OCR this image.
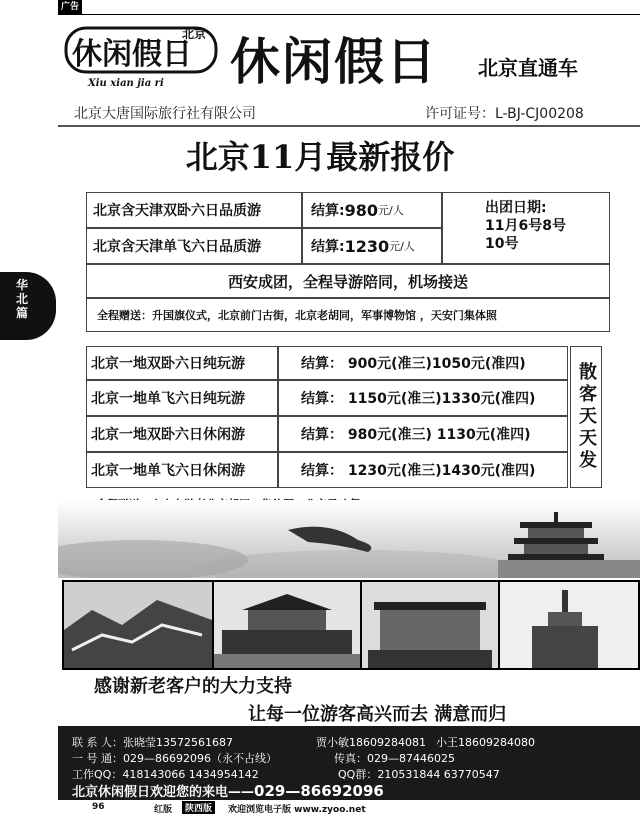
广告
休闲假日
北京
Xiu xian jia ri 休闲假日 北京直通车
北京大唐国际旅行社有限公司	许可证号：L-BJ-CJ00208
北京11月最新报价
华
北
篇
北京含天津双卧六日品质游	结算: 980 元/人
北京含天津单飞六日品质游	结算: 1230 元/人
出团日期:
11月6号8号
10号
西安成团，全程导游陪同，机场接送
全程赠送：升国旗仪式，北京前门古街，北京老胡同，军事博物馆 ，天安门集体照
北京一地双卧六日纯玩游	结算： 900元(准三)1050元(准四)
北京一地单飞六日纯玩游	结算： 1150元(准三)1330元(准四)
北京一地双卧六日休闲游	结算： 980元(准三) 1130元(准四)
北京一地单飞六日休闲游	结算： 1230元(准三)1430元(准四) 散客天天发
感谢新老客户的大力支持
让每一位游客高兴而去 满意而归
联 系 人：张晓莹13572561687	贾小敏18609284081 小王18609284080
一 号 通：029—86692096（永不占线）	传真：029—87446025
工作QQ：418143066 1434954142	QQ群：210531844 63770547
北京休闲假日欢迎您的来电——029—86692096
96	红版	陕西版	欢迎浏览电子版 www.zyoo.net
